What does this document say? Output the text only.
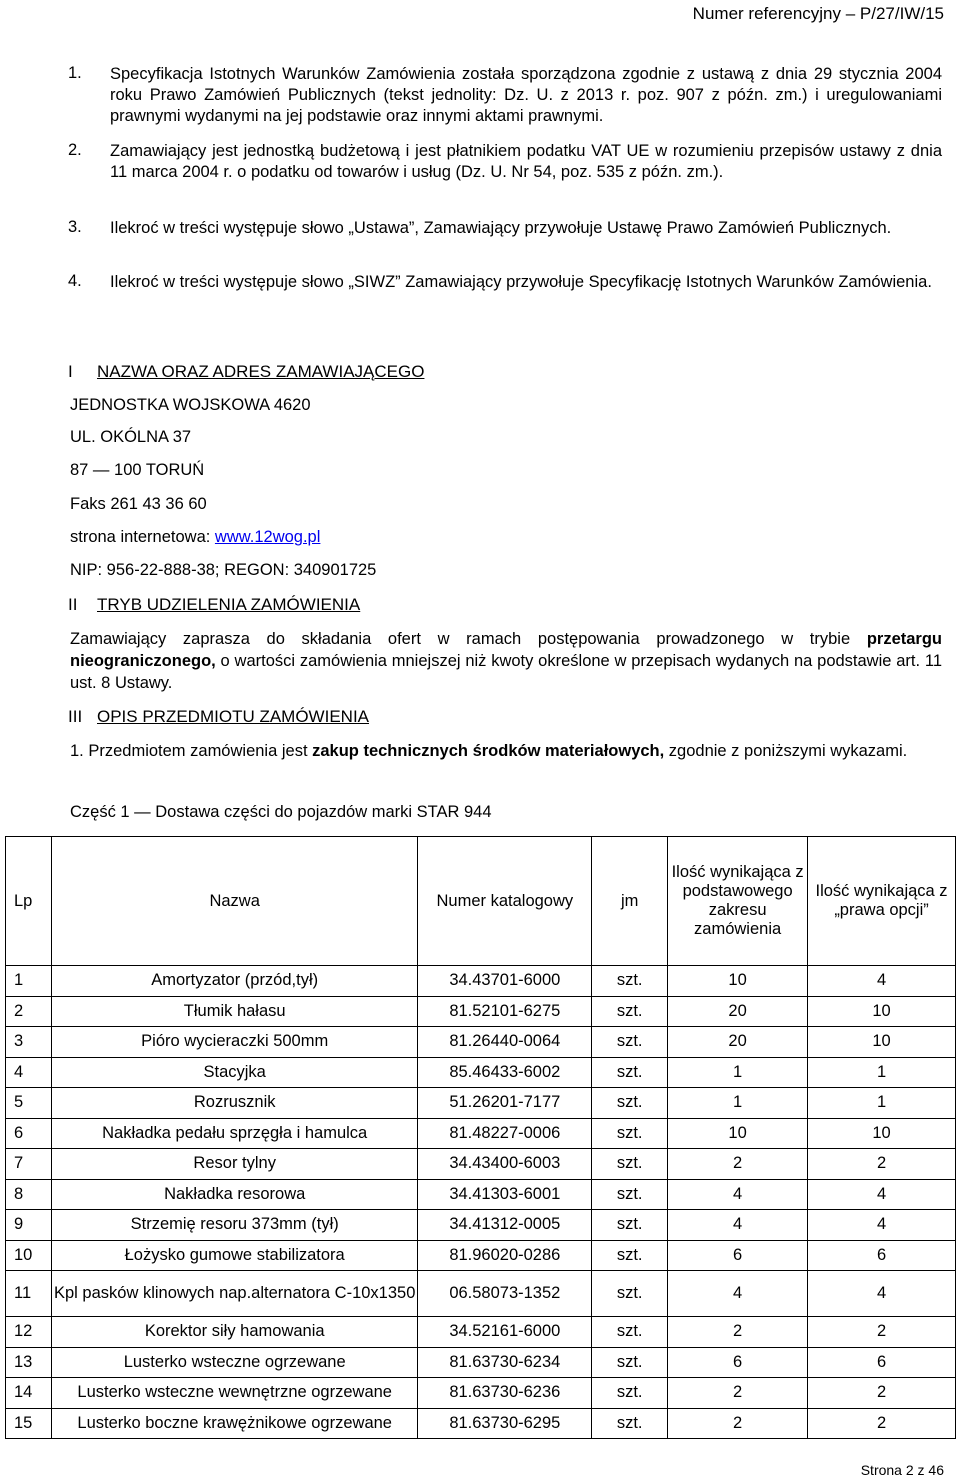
Numer referencyjny – P/27/IW/15
1. Specyfikacja Istotnych Warunków Zamówienia została sporządzona zgodnie z ustawą z dnia 29 stycznia 2004 roku Prawo Zamówień Publicznych (tekst jednolity: Dz. U. z 2013 r. poz. 907 z późn. zm.) i uregulowaniami prawnymi wydanymi na jej podstawie oraz innymi aktami prawnymi.
2. Zamawiający jest jednostką budżetową i jest płatnikiem podatku VAT UE w rozumieniu przepisów ustawy z dnia 11 marca 2004 r. o podatku od towarów i usług (Dz. U. Nr 54, poz. 535 z późn. zm.).
3. Ilekroć w treści występuje słowo „Ustawa”, Zamawiający przywołuje Ustawę Prawo Zamówień Publicznych.
4. Ilekroć w treści występuje słowo „SIWZ” Zamawiający przywołuje Specyfikację Istotnych Warunków Zamówienia.
I NAZWA ORAZ ADRES ZAMAWIAJĄCEGO
JEDNOSTKA WOJSKOWA 4620
UL. OKÓLNA 37
87 — 100 TORUŃ
Faks 261 43 36 60
strona internetowa: www.12wog.pl
NIP: 956-22-888-38; REGON: 340901725
II TRYB UDZIELENIA ZAMÓWIENIA
Zamawiający zaprasza do składania ofert w ramach postępowania prowadzonego w trybie przetargu nieograniczonego, o wartości zamówienia mniejszej niż kwoty określone w przepisach wydanych na podstawie art. 11 ust. 8 Ustawy.
III OPIS PRZEDMIOTU ZAMÓWIENIA
1. Przedmiotem zamówienia jest zakup technicznych środków materiałowych, zgodnie z poniższymi wykazami.
Część 1 — Dostawa części do pojazdów marki STAR 944
Lp	Nazwa	Numer katalogowy	jm	Ilość wynikająca z podstawowego zakresu zamówienia	Ilość wynikająca z „prawa opcji”
1	Amortyzator (przód,tył)	34.43701-6000	szt.	10	4
2	Tłumik hałasu	81.52101-6275	szt.	20	10
3	Pióro wycieraczki 500mm	81.26440-0064	szt.	20	10
4	Stacyjka	85.46433-6002	szt.	1	1
5	Rozrusznik	51.26201-7177	szt.	1	1
6	Nakładka pedału sprzęgła i hamulca	81.48227-0006	szt.	10	10
7	Resor tylny	34.43400-6003	szt.	2	2
8	Nakładka resorowa	34.41303-6001	szt.	4	4
9	Strzemię resoru 373mm (tył)	34.41312-0005	szt.	4	4
10	Łożysko gumowe stabilizatora	81.96020-0286	szt.	6	6
11	Kpl pasków klinowych nap.alternatora C-10x1350	06.58073-1352	szt.	4	4
12	Korektor siły hamowania	34.52161-6000	szt.	2	2
13	Lusterko wsteczne ogrzewane	81.63730-6234	szt.	6	6
14	Lusterko wsteczne wewnętrzne ogrzewane	81.63730-6236	szt.	2	2
15	Lusterko boczne krawężnikowe ogrzewane	81.63730-6295	szt.	2	2
Strona 2 z 46
